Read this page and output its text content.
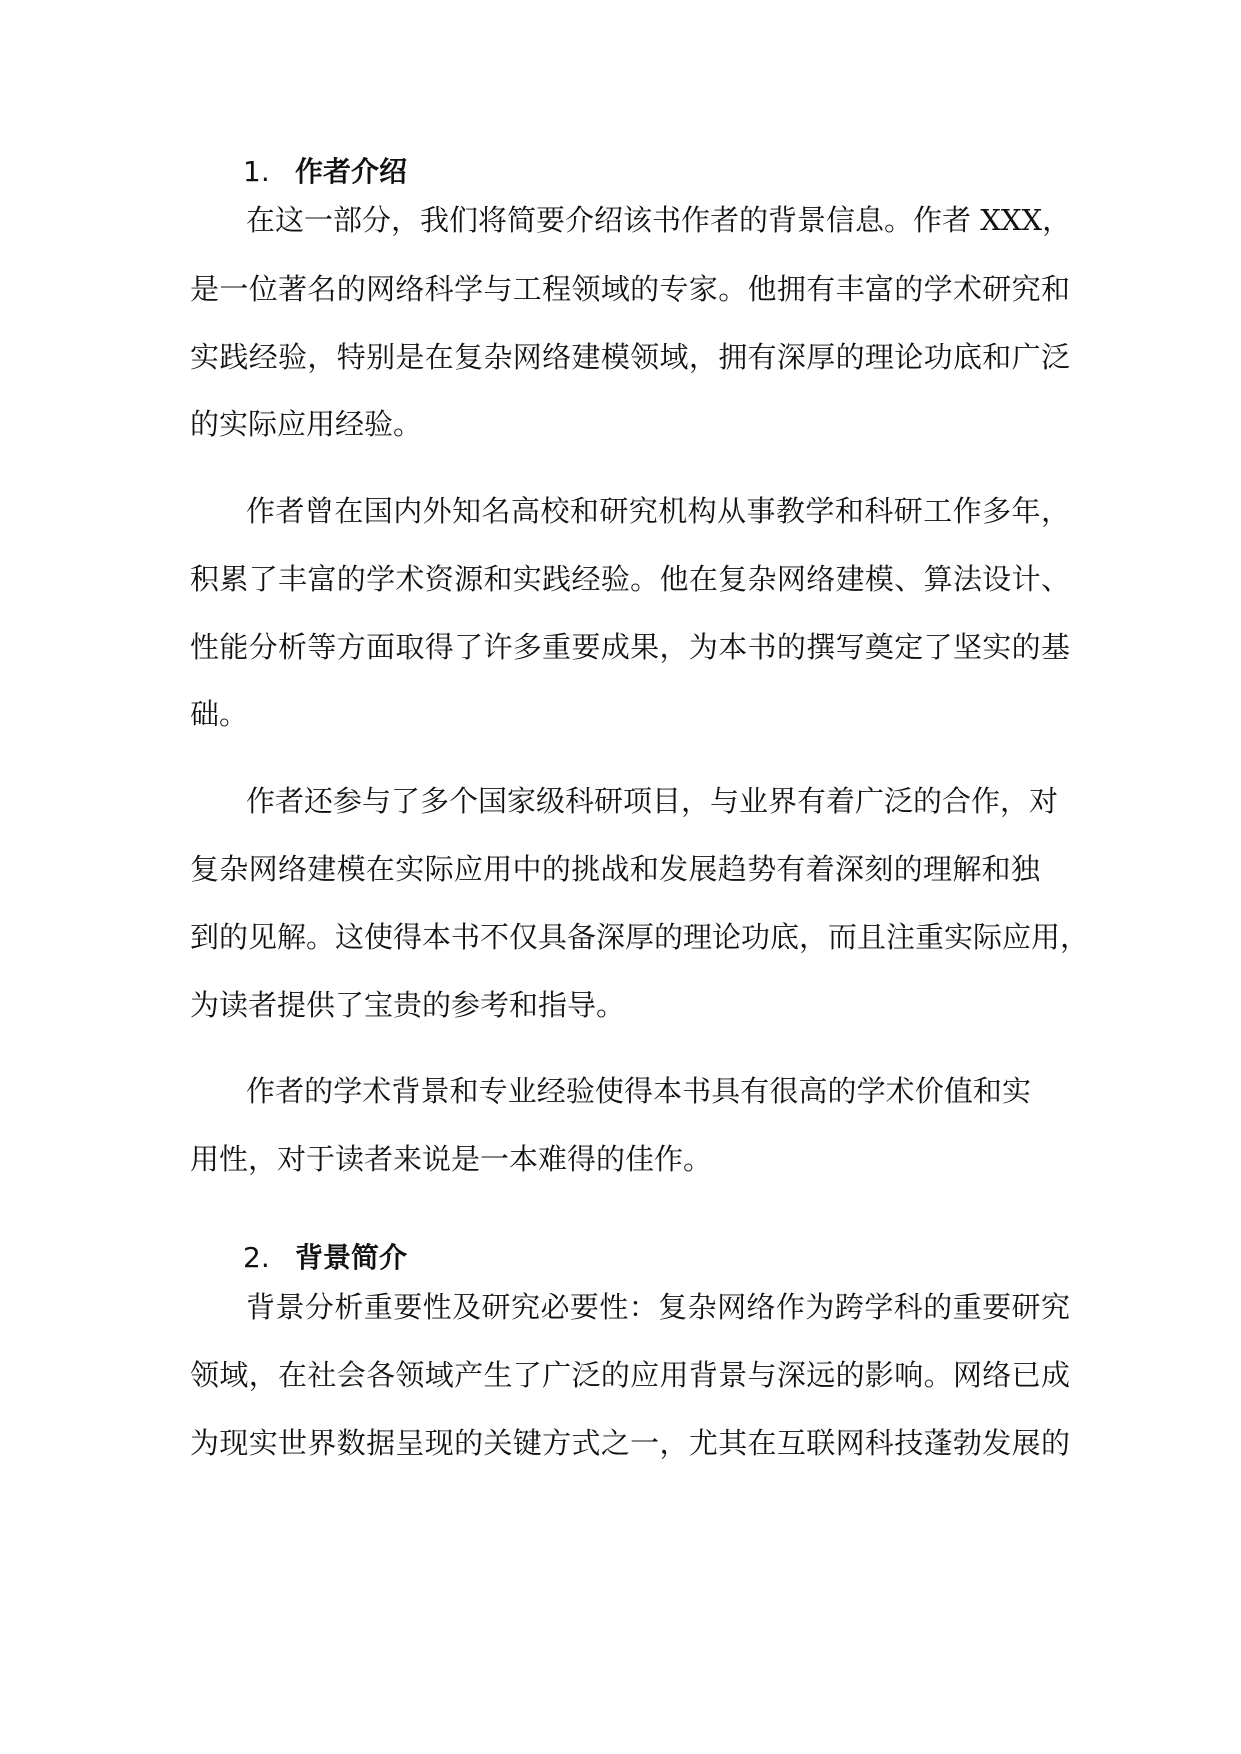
1. 作者介绍
在这一部分，我们将简要介绍该书作者的背景信息。作者 XXX，
是一位著名的网络科学与工程领域的专家。他拥有丰富的学术研究和
实践经验，特别是在复杂网络建模领域，拥有深厚的理论功底和广泛
的实际应用经验。
作者曾在国内外知名高校和研究机构从事教学和科研工作多年，
积累了丰富的学术资源和实践经验。他在复杂网络建模、算法设计、
性能分析等方面取得了许多重要成果，为本书的撰写奠定了坚实的基
础。
作者还参与了多个国家级科研项目，与业界有着广泛的合作，对
复杂网络建模在实际应用中的挑战和发展趋势有着深刻的理解和独
到的见解。这使得本书不仅具备深厚的理论功底，而且注重实际应用，
为读者提供了宝贵的参考和指导。
作者的学术背景和专业经验使得本书具有很高的学术价值和实
用性，对于读者来说是一本难得的佳作。
2. 背景简介
背景分析重要性及研究必要性：复杂网络作为跨学科的重要研究
领域，在社会各领域产生了广泛的应用背景与深远的影响。网络已成
为现实世界数据呈现的关键方式之一，尤其在互联网科技蓬勃发展的
